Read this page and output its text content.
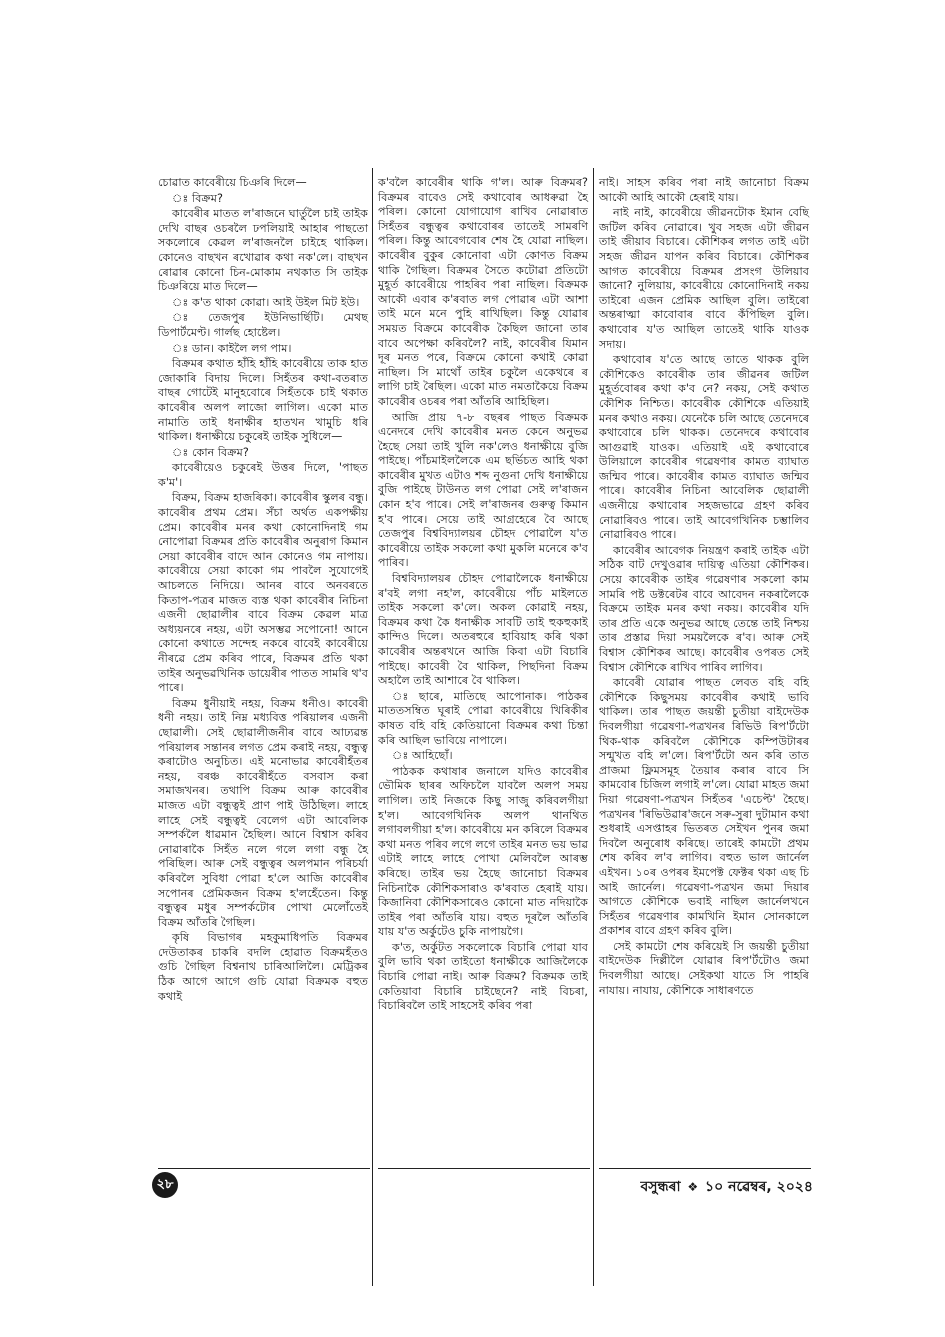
চোৱাত কাবেৰীয়ে চিঞৰি দিলে—

ঃ বিক্ৰম?

কাবেৰীৰ মাতত ল'ৰাজনে ঘাৰ্তুলৈ চাই তাইক দেখি বাছৰ ওচৰলৈ ঢপলিয়াই আহাৰ পাছতো সকলোৰে কেৱল ল'ৰাজনলৈ চাইহে থাকিল। কোনেও বাছখন ৰখোৱাৰ কথা নক'লে। বাছখন ৰোৱাৰ কোনো চিন-মোকাম নথকাত সি তাইক চিঞৰিয়ে মাত দিলে—

ঃ ক'ত থাকা কোৱা। আই উইল মিট ইউ।

ঃ তেজপুৰ ইউনিভাৰ্ছিটি। মেথছ ডিপাৰ্টমেণ্ট। গাৰ্লছ হোষ্টেল।

ঃ ডান। কাইলৈ লগ পাম।

বিক্ৰমৰ কথাত হাঁহি হাঁহি কাবেৰীয়ে তাক হাত জোকাৰি বিদায় দিলে। সিহঁতৰ কথা-বতৰাত বাছৰ গোটেই মানুহবোৰে সিহঁতকে চাই থকাত কাবেৰীৰ অলপ লাজো লাগিল। একো মাত নামাতি তাই ধনাক্ষীৰ হাতখন খামুচি ধৰি থাকিল। ধনাক্ষীয়ে চকুৰেই তাইক সুধিলে—

ঃ কোন বিক্ৰম?

কাবেৰীয়েও চকুৰেই উত্তৰ দিলে, 'পাছত ক'ম'।

বিক্ৰম, বিক্ৰম হাজৰিকা। কাবেৰীৰ স্কুলৰ বন্ধু। কাবেৰীৰ প্ৰথম প্ৰেম। সঁচা অৰ্থত একপক্ষীয় প্ৰেম। কাবেৰীৰ মনৰ কথা কোনোদিনাই গম নোপোৱা বিক্ৰমৰ প্ৰতি কাবেৰীৰ অনুৰাগ কিমান সেয়া কাবেৰীৰ বাদে আন কোনেও গম নাপায়। কাবেৰীয়ে সেয়া কাকো গম পাবলৈ সুযোগেই আচলতে নিদিয়ে। আনৰ বাবে অনবৰতে কিতাপ-পত্ৰৰ মাজত ব্যস্ত থকা কাবেৰীৰ নিচিনা এজনী ছোৱালীৰ বাবে বিক্ৰম কেৱল মাত্ৰ অধ্যয়নৰে নহয়, এটা অসম্ভৱ সপোনো! আনে কোনো কথাতে সন্দেহ নকৰে বাবেই কাবেৰীয়ে নীৰৱে প্ৰেম কৰিব পাৰে, বিক্ৰমৰ প্ৰতি থকা তাইৰ অনুভৱখিনিক ডায়েৰীৰ পাতত সামৰি থ'ব পাৰে।

বিক্ৰম ধুনীয়াই নহয়, বিক্ৰম ধনীও। কাবেৰী ধনী নহয়। তাই নিম্ন মধ্যবিত্ত পৰিয়ালৰ এজনী ছোৱালী। সেই ছোৱালীজনীৰ বাবে আঢ্যৱন্ত পৰিয়ালৰ সন্তানৰ লগত প্ৰেম কৰাই নহয়, বন্ধুত্ব কৰাটোও অনুচিত। এই মনোভাৱ কাবেৰীহঁতৰ নহয়, বৰঞ্চ কাবেৰীহঁতে বসবাস কৰা সমাজখনৰ। তথাপি বিক্ৰম আৰু কাবেৰীৰ মাজত এটা বন্ধুত্বই প্ৰাণ পাই উঠিছিল। লাহে লাহে সেই বন্ধুত্বই বেলেগ এটা আবেলিক সম্পৰ্কলৈ ধাৱমান হৈছিল। আনে বিশ্বাস কৰিব নোৱাৰাকৈ সিহঁত নলে গলে লগা বন্ধু হৈ পৰিছিল। আৰু সেই বন্ধুত্বৰ অলপমান পৰিচৰ্যা কৰিবলৈ সুবিধা পোৱা হ'লে আজি কাবেৰীৰ সপোনৰ প্ৰেমিকজন বিক্ৰম হ'লহেঁতেন। কিন্তু বন্ধুত্বৰ মধুৰ সম্পৰ্কটোৰ পোখা মেলোঁতেই বিক্ৰম আঁতৰি গৈছিল।

কৃষি বিভাগৰ মহকুমাধিপতি বিক্ৰমৰ দেউতাকৰ চাকৰি বদলি হোৱাত বিক্ৰমহঁতও গুচি গৈছিল বিশ্বনাথ চাৰিআলিলৈ। মেট্ৰিকৰ ঠিক আগে আগে গুচি যোৱা বিক্ৰমক বহুত কথাই

ক'বলৈ কাবেৰীৰ থাকি গ'ল। আৰু বিক্ৰমৰ? বিক্ৰমৰ বাবেও সেই কথাবোৰ আধৰুৱা হৈ পৰিল। কোনো যোগাযোগ ৰাখিব নোৱাৰাত সিহঁতৰ বন্ধুত্বৰ কথাবোৰৰ তাতেই সামৰণি পৰিল। কিন্তু আবেগবোৰ শেষ হৈ যোৱা নাছিল। কাবেৰীৰ বুকুৰ কোনোবা এটা কোণত বিক্ৰম থাকি গৈছিল। বিক্ৰমৰ সৈতে কটোৱা প্ৰতিটো মুহূৰ্ত কাবেৰীয়ে পাহৰিব পৰা নাছিল। বিক্ৰমক আকৌ এবাৰ ক'ৰবাত লগ পোৱাৰ এটা আশা তাই মনে মনে পুহি ৰাখিছিল। কিন্তু যোৱাৰ সময়ত বিক্ৰমে কাবেৰীক কৈছিল জানো তাৰ বাবে অপেক্ষা কৰিবলৈ? নাই, কাবেৰীৰ যিমান দূৰ মনত পৰে, বিক্ৰমে কোনো কথাই কোৱা নাছিল। সি মাথোঁ তাইৰ চকুলৈ একেথৰে ৰ লাগি চাই ৰৈছিল। একো মাত নমতাকৈয়ে বিক্ৰম কাবেৰীৰ ওচৰৰ পৰা আঁতৰি আহিছিল।

আজি প্ৰায় ৭-৮ বছৰৰ পাছত বিক্ৰমক এনেদৰে দেখি কাবেৰীৰ মনত কেনে অনুভৱ হৈছে সেয়া তাই খুলি নক'লেও ধনাক্ষীয়ে বুজি পাইছে। পাঁচমাইললৈকে এম ছৰ্ভিচত আহি থকা কাবেৰীৰ মুখত এটাও শব্দ নুগুনা দেখি ধনাক্ষীয়ে বুজি পাইছে টাউনত লগ পোৱা সেই ল'ৰাজন কোন হ'ব পাৰে। সেই ল'ৰাজনৰ গুৰুত্ব কিমান হ'ব পাৰে। সেয়ে তাই আগ্ৰহেৰে বৈ আছে তেজপুৰ বিশ্ববিদ্যালয়ৰ চৌহদ পোৱালৈ য'ত কাবেৰীয়ে তাইক সকলো কথা মুকলি মনেৰে ক'ব পাৰিব।

বিশ্ববিদ্যালয়ৰ চৌহদ পোৱালৈকে ধনাক্ষীয়ে ৰ'বই লগা নহ'ল, কাবেৰীয়ে পাঁচ মাইলতে তাইক সকলো ক'লে। অকল কোৱাই নহয়, বিক্ৰমৰ কথা কৈ ধনাক্ষীক সাবটি তাই হুকহুকাই কান্দিও দিলে। অতৰহুৰে হাবিয়াহ কৰি থকা কাবেৰীৰ অন্তৰখনে আজি কিবা এটা বিচাৰি পাইছে। কাবেৰী বৈ থাকিল, পিছদিনা বিক্ৰম অহালৈ তাই আশাৰে বৈ থাকিল।

ঃ ছাৰে, মাতিছে আপোনাক। পাঠকৰ মাততসম্বিত ঘূৰাই পোৱা কাবেৰীয়ে খিৰিকীৰ কাষত বহি বহি কেতিয়ানো বিক্ৰমৰ কথা চিন্তা কৰি আছিল ভাবিয়ে নাপালে।

ঃ আহিছোঁ।

পাঠকক কথাষাৰ জনালে যদিও কাবেৰীৰ ভৌমিক ছাৰৰ অফিচলৈ যাবলৈ অলপ সময় লাগিল। তাই নিজকে কিছু সাজু কৰিবলগীয়া হ'ল। আবেগখিনিক অলপ থানথিত লগাবলগীয়া হ'ল। কাবেৰীয়ে মন কৰিলে বিক্ৰমৰ কথা মনত পৰিব লগে লগে তাইৰ মনত ভয় ভাৱ এটাই লাহে লাহে পোখা মেলিবলৈ আৰম্ভ কৰিছে। তাইৰ ভয় হৈছে জানোচা বিক্ৰমৰ নিচিনাকৈ কৌশিকসাৰাও ক'ৰবাত হেৰাই যায়। কিজানিবা কৌশিকসাৰেও কোনো মাত নদিয়াকৈ তাইৰ পৰা আঁতৰি যায়। বহুত দূৰলৈ আঁতৰি যায় য'ত অৰ্কুটেও চুকি নাপায়গৈ।

ক'ত, অৰ্কুটত সকলোকে বিচাৰি পোৱা যাব বুলি ভাবি থকা তাইতো ধনাক্ষীকে আজিলৈকে বিচাৰি পোৱা নাই। আৰু বিক্ৰম? বিক্ৰমক তাই কেতিয়াবা বিচাৰি চাইছেনে? নাই বিচৰা, বিচাৰিবলৈ তাই সাহসেই কৰিব পৰা

নাই। সাহস কৰিব পৰা নাই জানোচা বিক্ৰম আকৌ আহি আকৌ হেৰাই যায়।

নাই নাই, কাবেৰীয়ে জীৱনটোক ইমান বেছি জটিল কৰিব নোৱাৰে। খুব সহজ এটা জীৱন তাই জীয়াব বিচাৰে। কৌশিকৰ লগত তাই এটা সহজ জীৱন যাপন কৰিব বিচাৰে। কৌশিকৰ আগত কাবেৰীয়ে বিক্ৰমৰ প্ৰসংগ উলিয়াব জানো? নুলিয়ায়, কাবেৰীয়ে কোনোদিনাই নকয় তাইৰো এজন প্ৰেমিক আছিল বুলি। তাইৰো অন্তৰাত্মা কাবোবাৰ বাবে কঁপিছিল বুলি। কথাবোৰ য'ত আছিল তাতেই থাকি যাওক সদায়।

কথাবোৰ য'তে আছে তাতে থাকক বুলি কৌশিকেও কাবেৰীক তাৰ জীৱনৰ জটিল মুহূৰ্তবোৰৰ কথা ক'ব নে? নকয়, সেই কথাত কৌশিক নিশ্চিত। কাবেৰীক কৌশিকে এতিয়াই মনৰ কথাও নকয়। যেনেকৈ চলি আছে তেনেদৰে কথাবোৰে চলি থাকক। তেনেদৰে কথাবোৰ আগুৱাই যাওক। এতিয়াই এই কথাবোৰে উলিয়ালে কাবেৰীৰ গৱেষণাৰ কামত ব্যাঘাত জন্মিব পাৰে। কাবেৰীৰ কামত ব্যাঘাত জন্মিব পাৰে। কাবেৰীৰ নিচিনা আবেলিক ছোৱালী এজনীয়ে কথাবোৰ সহজভাৱে গ্ৰহণ কৰিব নোৱাৰিবও পাৰে। তাই আবেগখিনিক চম্ভালিব নোৱাৰিবও পাৰে।

কাবেৰীৰ আবেগক নিয়ন্ত্ৰণ কৰাই তাইক এটা সঠিক বাট দেখুওৱাৰ দায়িত্ব এতিয়া কৌশিকৰ। সেয়ে কাবেৰীক তাইৰ গৱেষণাৰ সকলো কাম সামৰি পষ্ট ডক্টৰেটৰ বাবে আবেদন নকৰালৈকে বিক্ৰমে তাইক মনৰ কথা নকয়। কাবেৰীৰ যদি তাৰ প্ৰতি একে অনুভৱ আছে তেন্তে তাই নিশ্চয় তাৰ প্ৰস্তাৱ দিয়া সময়লৈকে ৰ'ব। আৰু সেই বিশ্বাস কৌশিকৰ আছে। কাবেৰীৰ ওপৰত সেই বিশ্বাস কৌশিকে ৰাখিব পাৰিব লাগিব।

কাবেৰী যোৱাৰ পাছত লেবত বহি বহি কৌশিকে কিছুসময় কাবেৰীৰ কথাই ভাবি থাকিল। তাৰ পাছত জয়ন্তী চুতীয়া বাইদেউক দিবলগীয়া গৱেষণা-পত্ৰখনৰ ৰিভিউ ৰিপ'ৰ্টটো থিক-থাক কৰিবলৈ কৌশিকে কম্পিউটাৰৰ সন্মুখত বহি ল'লে। ৰিপ'ৰ্টটো অন কৰি তাত প্ৰাজমা ফ্লিমসমূহ তৈয়াৰ কৰাৰ বাবে সি কামবোৰ চিজিল লগাই ল'লে। যোৱা মাহত জমা দিয়া গৱেষণা-পত্ৰখন সিহঁতৰ 'এচেপ্ট' হৈছে। পত্ৰখনৰ 'ৰিভিউৱাৰ'জনে সৰু-সুৰা দুটামান কথা শুধৰাই এসপ্তাহৰ ভিতৰত সেইখন পুনৰ জমা দিবলৈ অনুৰোধ কৰিছে। তাৰেই কামটো প্ৰথম শেষ কৰিব ল'ব লাগিব। বহুত ভাল জাৰ্নেল এইখন। ১০ৰ ওপৰৰ ইমপেক্ট ফেক্টৰ থকা এছ চি আই জাৰ্নেল। গৱেষণা-পত্ৰখন জমা দিয়াৰ আগতে কৌশিকে ভবাই নাছিল জাৰ্নেলখনে সিহঁতৰ গৱেষণাৰ কামখিনি ইমান সোনকালে প্ৰকাশৰ বাবে গ্ৰহণ কৰিব বুলি।

সেই কামটো শেষ কৰিয়েই সি জয়ন্তী চুতীয়া বাইদেউক দিল্লীলৈ যোৱাৰ ৰিপ'ৰ্টটোও জমা দিবলগীয়া আছে। সেইকথা যাতে সি পাহৰি নাযায়। নাযায়, কৌশিকে সাধাৰণতে

২৮	বসুন্ধৰা ❖ ১০ নৱেম্বৰ, ২০২৪
